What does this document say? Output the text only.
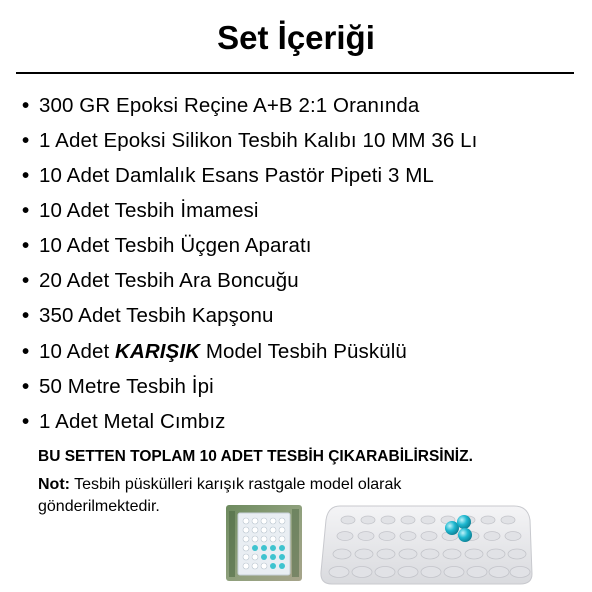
Set İçeriği
• 300 GR Epoksi Reçine A+B 2:1 Oranında
• 1 Adet Epoksi Silikon Tesbih Kalıbı 10 MM 36 Lı
• 10 Adet Damlalık Esans Pastör Pipeti 3 ML
• 10 Adet Tesbih İmamesi
• 10 Adet Tesbih Üçgen Aparatı
• 20 Adet Tesbih Ara Boncuğu
• 350 Adet Tesbih Kapşonu
• 10 Adet KARIŞIK Model Tesbih Püskülü
• 50 Metre Tesbih İpi
• 1 Adet Metal Cımbız
BU SETTEN TOPLAM 10 ADET TESBİH ÇIKARABİLİRSİNİZ.
Not: Tesbih püskülleri karışık rastgale model olarak gönderilmektedir.
